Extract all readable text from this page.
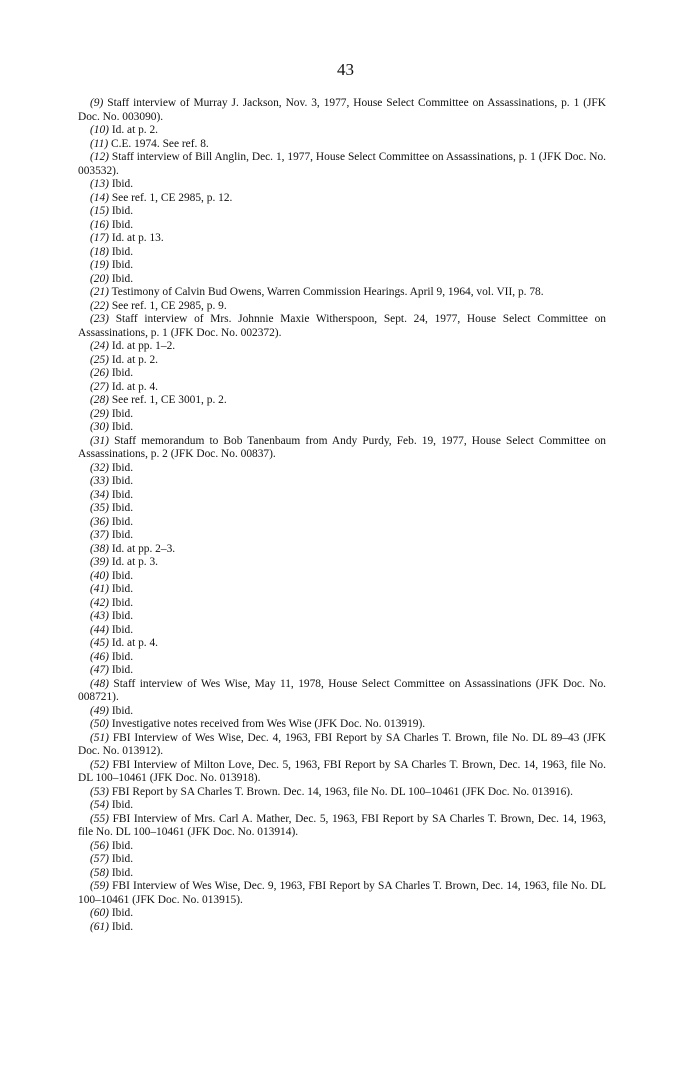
43

(9) Staff interview of Murray J. Jackson, Nov. 3, 1977, House Select Committee on Assassinations, p. 1 (JFK Doc. No. 003090).

(10) Id. at p. 2.

(11) C.E. 1974. See ref. 8.

(12) Staff interview of Bill Anglin, Dec. 1, 1977, House Select Committee on Assassinations, p. 1 (JFK Doc. No. 003532).

(13) Ibid.

(14) See ref. 1, CE 2985, p. 12.

(15) Ibid.

(16) Ibid.

(17) Id. at p. 13.

(18) Ibid.

(19) Ibid.

(20) Ibid.

(21) Testimony of Calvin Bud Owens, Warren Commission Hearings. April 9, 1964, vol. VII, p. 78.

(22) See ref. 1, CE 2985, p. 9.

(23) Staff interview of Mrs. Johnnie Maxie Witherspoon, Sept. 24, 1977, House Select Committee on Assassinations, p. 1 (JFK Doc. No. 002372).

(24) Id. at pp. 1–2.

(25) Id. at p. 2.

(26) Ibid.

(27) Id. at p. 4.

(28) See ref. 1, CE 3001, p. 2.

(29) Ibid.

(30) Ibid.

(31) Staff memorandum to Bob Tanenbaum from Andy Purdy, Feb. 19, 1977, House Select Committee on Assassinations, p. 2 (JFK Doc. No. 00837).

(32) Ibid.

(33) Ibid.

(34) Ibid.

(35) Ibid.

(36) Ibid.

(37) Ibid.

(38) Id. at pp. 2–3.

(39) Id. at p. 3.

(40) Ibid.

(41) Ibid.

(42) Ibid.

(43) Ibid.

(44) Ibid.

(45) Id. at p. 4.

(46) Ibid.

(47) Ibid.

(48) Staff interview of Wes Wise, May 11, 1978, House Select Committee on Assassinations (JFK Doc. No. 008721).

(49) Ibid.

(50) Investigative notes received from Wes Wise (JFK Doc. No. 013919).

(51) FBI Interview of Wes Wise, Dec. 4, 1963, FBI Report by SA Charles T. Brown, file No. DL 89–43 (JFK Doc. No. 013912).

(52) FBI Interview of Milton Love, Dec. 5, 1963, FBI Report by SA Charles T. Brown, Dec. 14, 1963, file No. DL 100–10461 (JFK Doc. No. 013918).

(53) FBI Report by SA Charles T. Brown. Dec. 14, 1963, file No. DL 100–10461 (JFK Doc. No. 013916).

(54) Ibid.

(55) FBI Interview of Mrs. Carl A. Mather, Dec. 5, 1963, FBI Report by SA Charles T. Brown, Dec. 14, 1963, file No. DL 100–10461 (JFK Doc. No. 013914).

(56) Ibid.

(57) Ibid.

(58) Ibid.

(59) FBI Interview of Wes Wise, Dec. 9, 1963, FBI Report by SA Charles T. Brown, Dec. 14, 1963, file No. DL 100–10461 (JFK Doc. No. 013915).

(60) Ibid.

(61) Ibid.
